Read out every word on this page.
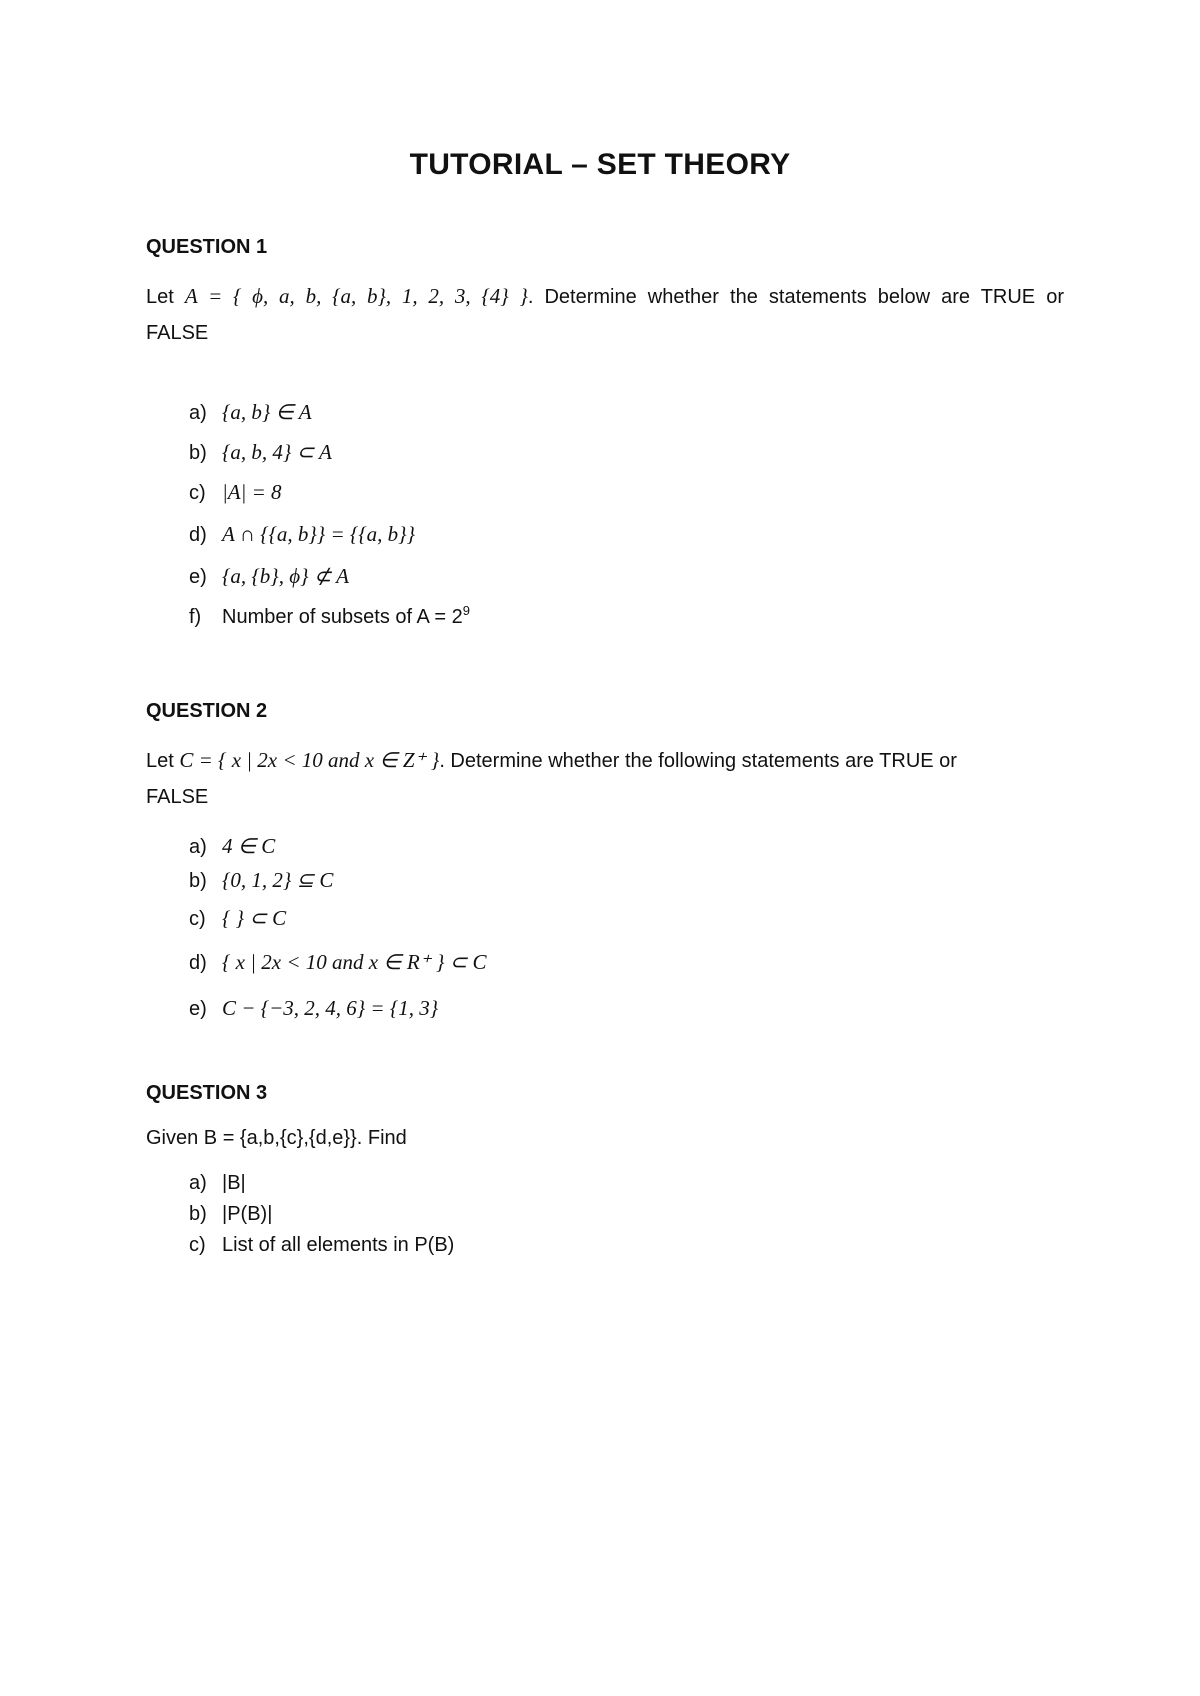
TUTORIAL – SET THEORY
QUESTION 1
Let A = { ϕ, a, b, {a, b}, 1, 2, 3, {4} }. Determine whether the statements below are TRUE or
FALSE
a) {a, b} ∈ A
b) {a, b, 4} ⊂ A
c) |A| = 8
d) A ∩ {{a, b}} = {{a, b}}
e) {a, {b}, ϕ} ⊄ A
f) Number of subsets of $A = 2^9$
QUESTION 2
Let C = { x | 2x < 10 and x ∈ Z⁺ }. Determine whether the following statements are TRUE or
FALSE
a) 4 ∈ C
b) {0, 1, 2} ⊆ C
c) { } ⊂ C
d) { x | 2x < 10 and x ∈ R⁺ } ⊂ C
e) C − {−3, 2, 4, 6} = {1, 3}
QUESTION 3
Given B = {a,b,{c},{d,e}}. Find
a) |B|
b) |P(B)|
c) List of all elements in P(B)
